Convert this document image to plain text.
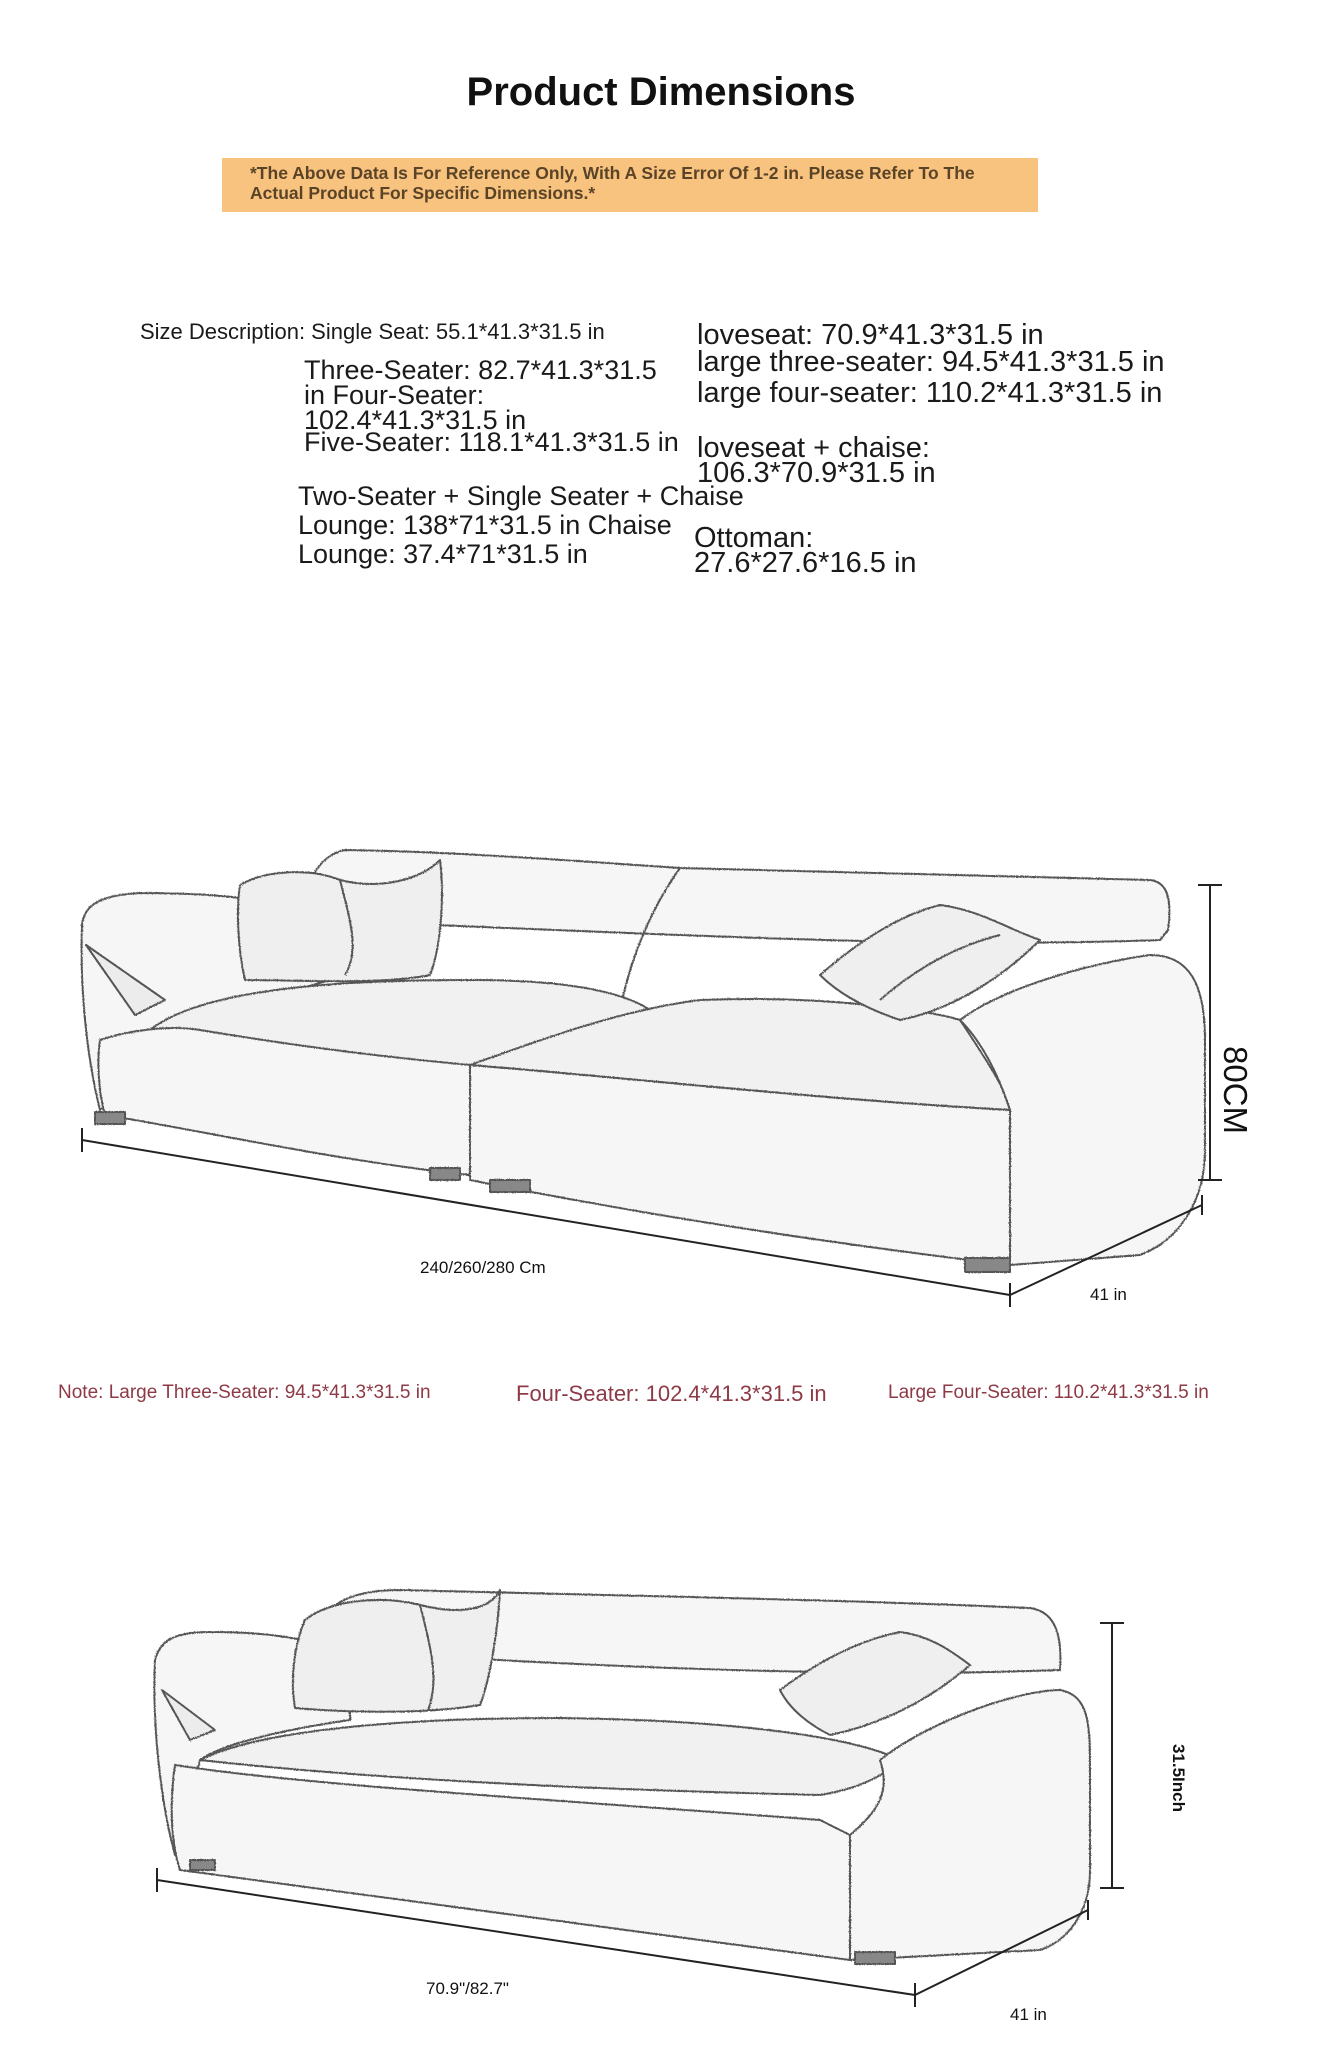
Product Dimensions
*The Above Data Is For Reference Only, With A Size Error Of 1-2 in. Please Refer To The Actual Product For Specific Dimensions.*
Size Description: Single Seat: 55.1*41.3*31.5 in
Three-Seater: 82.7*41.3*31.5 in Four-Seater: 102.4*41.3*31.5 in
Five-Seater: 118.1*41.3*31.5 in
Two-Seater + Single Seater + Chaise Lounge: 138*71*31.5 in Chaise Lounge: 37.4*71*31.5 in
loveseat: 70.9*41.3*31.5 in
large three-seater: 94.5*41.3*31.5 in large four-seater: 110.2*41.3*31.5 in
loveseat + chaise: 106.3*70.9*31.5 in
Ottoman: 27.6*27.6*16.5 in
80CM
240/260/280 Cm
41 in
Note: Large Three-Seater: 94.5*41.3*31.5 in	Four-Seater: 102.4*41.3*31.5 in	Large Four-Seater: 110.2*41.3*31.5 in
31.5Inch
70.9"/82.7"
41 in
